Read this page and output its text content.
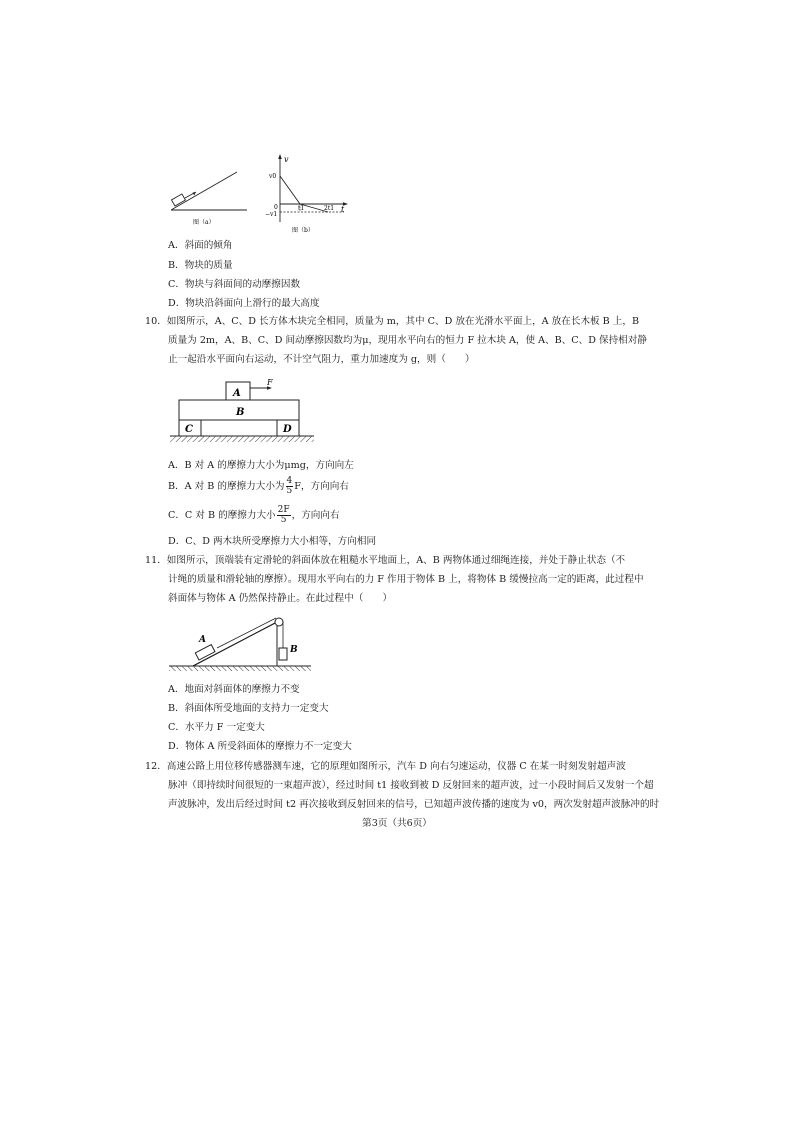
图（a）
v
t
v0
0
−v1
t1	2t1
图（b）
A．斜面的倾角
B．物块的质量
C．物块与斜面间的动摩擦因数
D．物块沿斜面向上滑行的最大高度
10．如图所示，A、C、D 长方体木块完全相同，质量为 m，其中 C、D 放在光滑水平面上，A 放在长木板 B 上，B
质量为 2m，A、B、C、D 间动摩擦因数均为μ，现用水平向右的恒力 F 拉木块 A，使 A、B、C、D 保持相对静
止一起沿水平面向右运动，不计空气阻力，重力加速度为 g，则（　　）
A
F
B
C	D
A．B 对 A 的摩擦力大小为μmg，方向向左
B．A 对 B 的摩擦力大小为 $\frac{4}{5}$ F，方向向右
C．C 对 B 的摩擦力大小 $\frac{2F}{5}$ ，方向向右
D．C、D 两木块所受摩擦力大小相等，方向相同
11．如图所示，顶端装有定滑轮的斜面体放在粗糙水平地面上，A、B 两物体通过细绳连接，并处于静止状态（不
计绳的质量和滑轮轴的摩擦）。现用水平向右的力 F 作用于物体 B 上，将物体 B 缓慢拉高一定的距离，此过程中
斜面体与物体 A 仍然保持静止。在此过程中（　　）
A
B
A．地面对斜面体的摩擦力不变
B．斜面体所受地面的支持力一定变大
C．水平力 F 一定变大
D．物体 A 所受斜面体的摩擦力不一定变大
12．高速公路上用位移传感器测车速，它的原理如图所示，汽车 D 向右匀速运动，仪器 C 在某一时刻发射超声波
脉冲（即持续时间很短的一束超声波），经过时间 t1 接收到被 D 反射回来的超声波，过一小段时间后又发射一个超
声波脉冲，发出后经过时间 t2 再次接收到反射回来的信号，已知超声波传播的速度为 v0，两次发射超声波脉冲的时
第3页（共6页）
